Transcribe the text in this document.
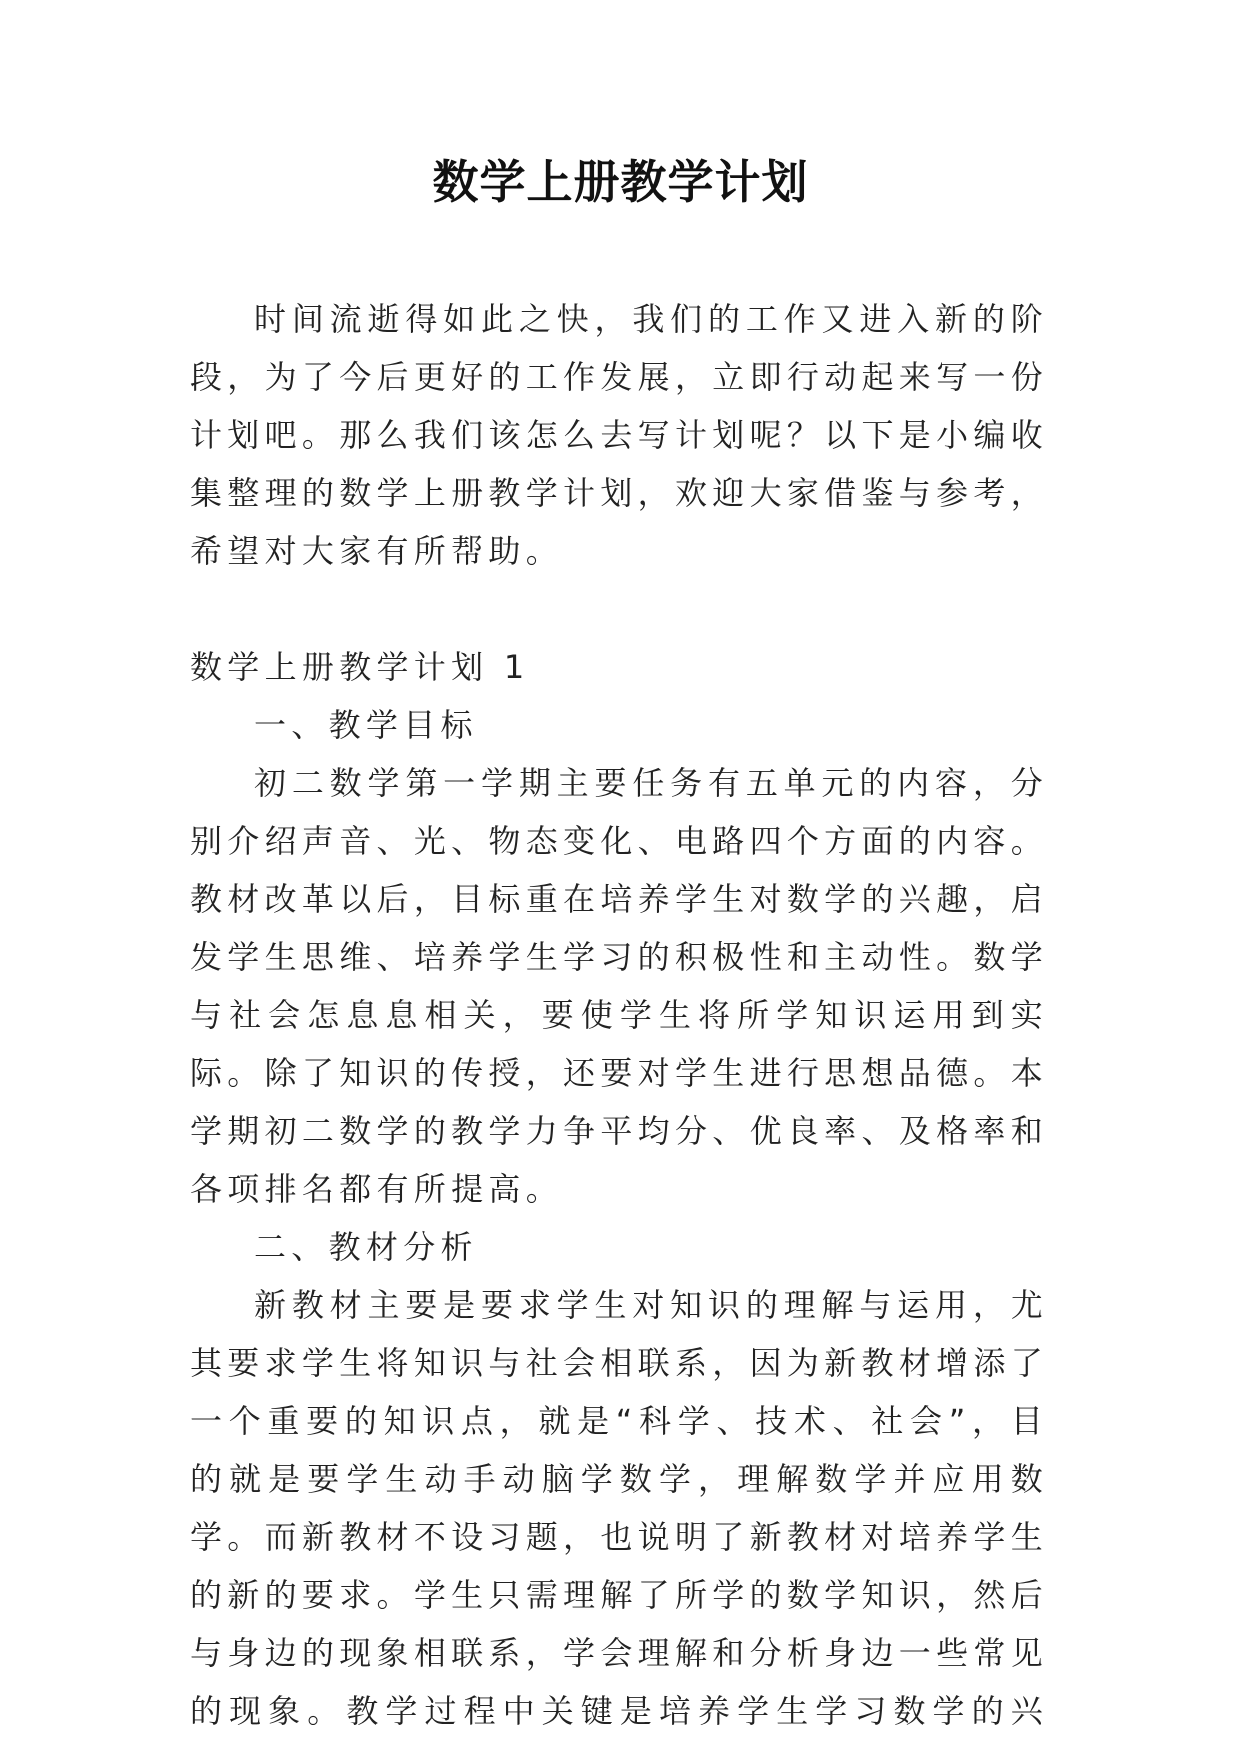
数学上册教学计划

时间流逝得如此之快，我们的工作又进入新的阶段，为了今后更好的工作发展，立即行动起来写一份计划吧。那么我们该怎么去写计划呢？以下是小编收集整理的数学上册教学计划，欢迎大家借鉴与参考，希望对大家有所帮助。

数学上册教学计划 1

一、教学目标

初二数学第一学期主要任务有五单元的内容，分别介绍声音、光、物态变化、电路四个方面的内容。教材改革以后，目标重在培养学生对数学的兴趣，启发学生思维、培养学生学习的积极性和主动性。数学与社会怎息息相关，要使学生将所学知识运用到实际。除了知识的传授，还要对学生进行思想品德。本学期初二数学的教学力争平均分、优良率、及格率和各项排名都有所提高。

二、教材分析

新教材主要是要求学生对知识的理解与运用，尤其要求学生将知识与社会相联系，因为新教材增添了一个重要的知识点，就是“科学、技术、社会”，目的就是要学生动手动脑学数学，理解数学并应用数学。而新教材不设习题，也说明了新教材对培养学生的新的要求。学生只需理解了所学的数学知识，然后与身边的现象相联系，学会理解和分析身边一些常见的现象。教学过程中关键是培养学生学习数学的兴
